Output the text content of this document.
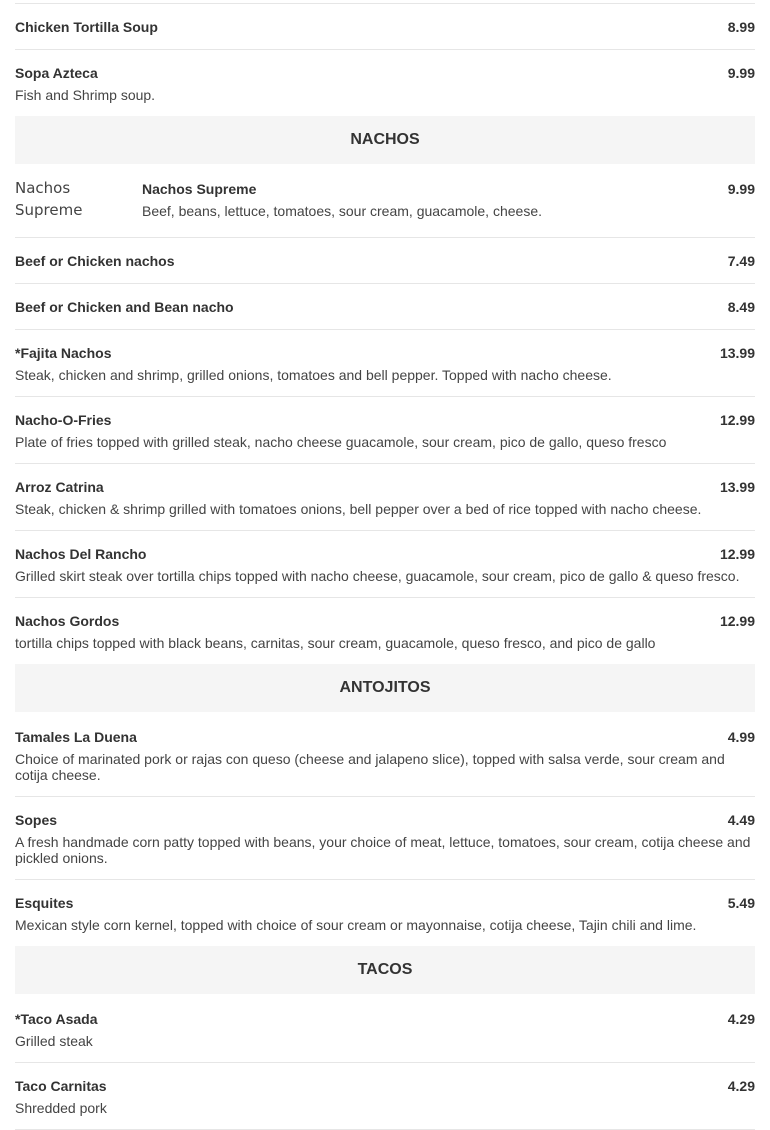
Chicken Tortilla Soup	8.99
Sopa Azteca	9.99
Fish and Shrimp soup.
NACHOS
Nachos Supreme
Nachos Supreme	9.99
Beef, beans, lettuce, tomatoes, sour cream, guacamole, cheese.
Beef or Chicken nachos	7.49
Beef or Chicken and Bean nacho	8.49
*Fajita Nachos	13.99
Steak, chicken and shrimp, grilled onions, tomatoes and bell pepper. Topped with nacho cheese.
Nacho-O-Fries	12.99
Plate of fries topped with grilled steak, nacho cheese guacamole, sour cream, pico de gallo, queso fresco
Arroz Catrina	13.99
Steak, chicken & shrimp grilled with tomatoes onions, bell pepper over a bed of rice topped with nacho cheese.
Nachos Del Rancho	12.99
Grilled skirt steak over tortilla chips topped with nacho cheese, guacamole, sour cream, pico de gallo & queso fresco.
Nachos Gordos	12.99
tortilla chips topped with black beans, carnitas, sour cream, guacamole, queso fresco, and pico de gallo
ANTOJITOS
Tamales La Duena	4.99
Choice of marinated pork or rajas con queso (cheese and jalapeno slice), topped with salsa verde, sour cream and cotija cheese.
Sopes	4.49
A fresh handmade corn patty topped with beans, your choice of meat, lettuce, tomatoes, sour cream, cotija cheese and pickled onions.
Esquites	5.49
Mexican style corn kernel, topped with choice of sour cream or mayonnaise, cotija cheese, Tajin chili and lime.
TACOS
*Taco Asada	4.29
Grilled steak
Taco Carnitas	4.29
Shredded pork
